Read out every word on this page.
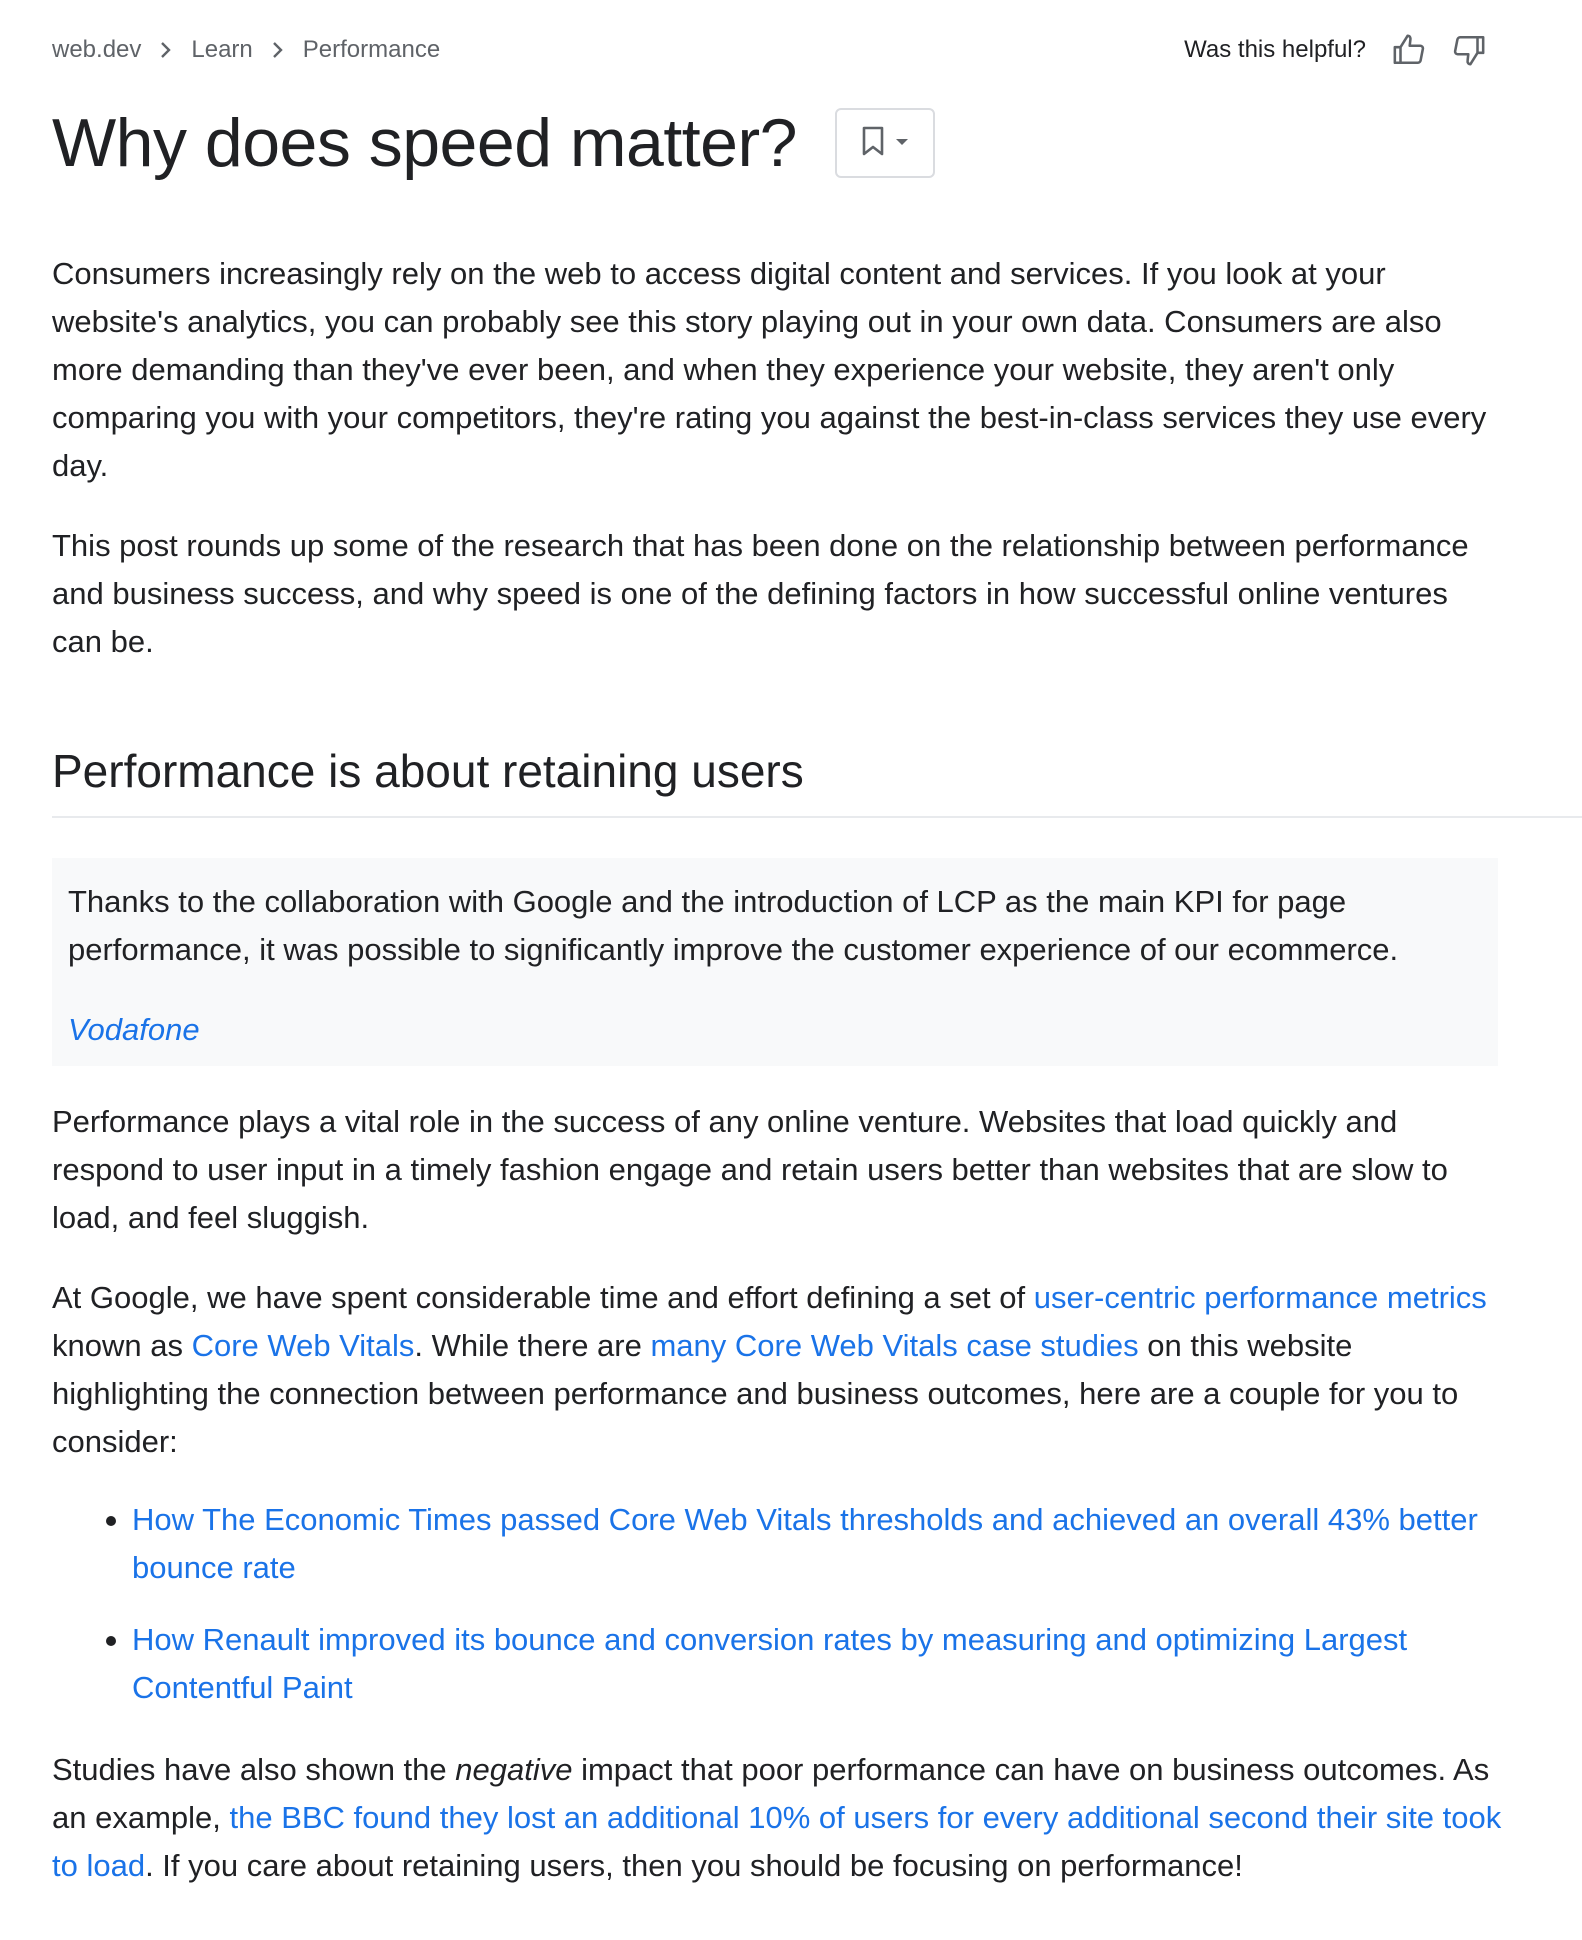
web.dev Learn Performance	Was this helpful?
Why does speed matter?

Consumers increasingly rely on the web to access digital content and services. If you look at your website's analytics, you can probably see this story playing out in your own data. Consumers are also more demanding than they've ever been, and when they experience your website, they aren't only comparing you with your competitors, they're rating you against the best-in-class services they use every day.

This post rounds up some of the research that has been done on the relationship between performance and business success, and why speed is one of the defining factors in how successful online ventures can be.

Performance is about retaining users

Thanks to the collaboration with Google and the introduction of LCP as the main KPI for page performance, it was possible to significantly improve the customer experience of our ecommerce.

Vodafone

Performance plays a vital role in the success of any online venture. Websites that load quickly and respond to user input in a timely fashion engage and retain users better than websites that are slow to load, and feel sluggish.

At Google, we have spent considerable time and effort defining a set of user-centric performance metrics known as Core Web Vitals. While there are many Core Web Vitals case studies on this website highlighting the connection between performance and business outcomes, here are a couple for you to consider:

How The Economic Times passed Core Web Vitals thresholds and achieved an overall 43% better bounce rate
How Renault improved its bounce and conversion rates by measuring and optimizing Largest Contentful Paint

Studies have also shown the negative impact that poor performance can have on business outcomes. As an example, the BBC found they lost an additional 10% of users for every additional second their site took to load. If you care about retaining users, then you should be focusing on performance!
